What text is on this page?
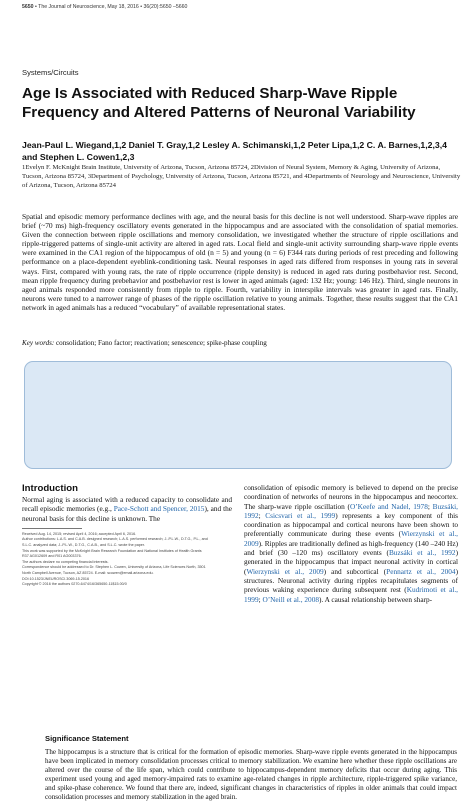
5650 • The Journal of Neuroscience, May 18, 2016 • 36(20):5650 –5660
Systems/Circuits
Age Is Associated with Reduced Sharp-Wave Ripple Frequency and Altered Patterns of Neuronal Variability

Jean-Paul L. Wiegand,1,2 Daniel T. Gray,1,2 Lesley A. Schimanski,1,2 Peter Lipa,1,2 C. A. Barnes,1,2,3,4 and Stephen L. Cowen1,2,3

1Evelyn F. McKnight Brain Institute, University of Arizona, Tucson, Arizona 85724, 2Division of Neural System, Memory & Aging, University of Arizona, Tucson, Arizona 85724, 3Department of Psychology, University of Arizona, Tucson, Arizona 85721, and 4Departments of Neurology and Neuroscience, University of Arizona, Tucson, Arizona 85724

Spatial and episodic memory performance declines with age, and the neural basis for this decline is not well understood. Sharp-wave ripples are brief (~70 ms) high-frequency oscillatory events generated in the hippocampus and are associated with the consolidation of spatial memories. Given the connection between ripple oscillations and memory consolidation, we investigated whether the structure of ripple oscillations and ripple-triggered patterns of single-unit activity are altered in aged rats. Local field and single-unit activity surrounding sharp-wave ripple events were examined in the CA1 region of the hippocampus of old (n = 5) and young (n = 6) F344 rats during periods of rest preceding and following performance on a place-dependent eyeblink-conditioning task. Neural responses in aged rats differed from responses in young rats in several ways. First, compared with young rats, the rate of ripple occurrence (ripple density) is reduced in aged rats during postbehavior rest. Second, mean ripple frequency during prebehavior and postbehavior rest is lower in aged animals (aged: 132 Hz; young: 146 Hz). Third, single neurons in aged animals responded more consistently from ripple to ripple. Fourth, variability in interspike intervals was greater in aged rats. Finally, neurons were tuned to a narrower range of phases of the ripple oscillation relative to young animals. Together, these results suggest that the CA1 network in aged animals has a reduced “vocabulary” of available representational states.

Key words: consolidation; Fano factor; reactivation; senescence; spike-phase coupling
Significance Statement

The hippocampus is a structure that is critical for the formation of episodic memories. Sharp-wave ripple events generated in the hippocampus have been implicated in memory consolidation processes critical to memory stabilization. We examine here whether these ripple oscillations are altered over the course of the life span, which could contribute to hippocampus-dependent memory deficits that occur during aging. This experiment used young and aged memory-impaired rats to examine age-related changes in ripple architecture, ripple-triggered spike variance, and spike-phase coherence. We found that there are, indeed, significant changes in characteristics of ripples in older animals that could impact consolidation processes and memory stabilization in the aged brain.

Introduction

Normal aging is associated with a reduced capacity to consolidate and recall episodic memories (e.g., Pace-Schott and Spencer, 2015), and the neuronal basis for this decline is unknown. The

Received Aug. 14, 2015; revised April 4, 2016; accepted April 6, 2016.
Author contributions: L.A.S. and C.A.B. designed research; L.A.S. performed research; J.-P.L.W., D.T.G., P.L., and
S.L.C. analyzed data; J.-P.L.W., D.T.G., C.A.B., and S.L.C. wrote the paper.
This work was supported by the McKnight Brain Research Foundation and National Institutes of Health Grants
R37 AG012609 and R01 AG003376.
The authors declare no competing financial interests.
Correspondence should be addressed to Dr. Stephen L. Cowen, University of Arizona, Life Sciences North, 3501
North Campbell Avenue, Tucson, AZ 85724. E-mail: scowen@email.arizona.edu.
DOI:10.1523/JNEUROSCI.3069-15.2016
Copyright © 2016 the authors 0270-6474/16/365650-11$15.00/0

consolidation of episodic memory is believed to depend on the precise coordination of networks of neurons in the hippocampus and neocortex. The sharp-wave ripple oscillation (O’Keefe and Nadel, 1978; Buzsáki, 1992; Csicsvari et al., 1999) represents a key component of this coordination as hippocampal and cortical neurons have been shown to preferentially communicate during these events (Wierzynski et al., 2009). Ripples are traditionally defined as high-frequency (140 –240 Hz) and brief (30 –120 ms) oscillatory events (Buzsáki et al., 1992) generated in the hippocampus that impact neuronal activity in cortical (Wierzynski et al., 2009) and subcortical (Pennartz et al., 2004) structures. Neuronal activity during ripples recapitulates segments of previous waking experience during subsequent rest (Kudrimoti et al., 1999; O’Neill et al., 2008). A causal relationship between sharp-
